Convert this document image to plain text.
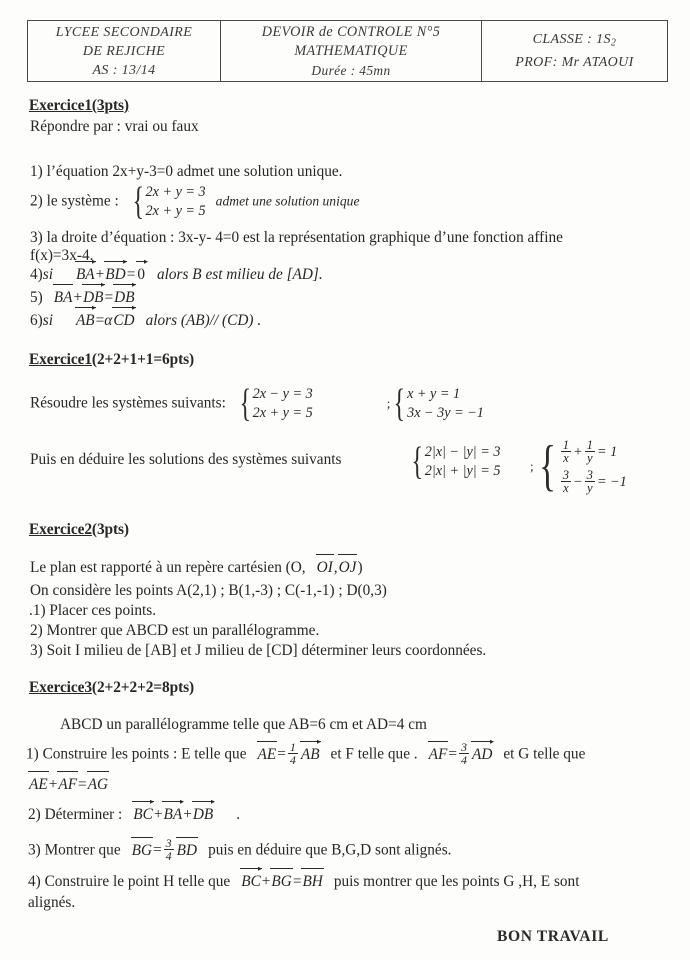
LYCEE SECONDAIRE
DE REJICHE
AS : 13/14
DEVOIR de CONTROLE N°5
MATHEMATIQUE
Durée : 45mn
CLASSE : $1S_2$
PROF: Mr ATAOUI
Exercice1(3pts)
Répondre par : vrai ou faux
1) l’équation 2x+y-3=0 admet une solution unique.
2) le système : { 2x + y = 3
2x + y = 5
admet une solution unique
3) la droite d’équation : 3x-y- 4=0 est la représentation graphique d’une fonction affine
f(x)=3x-4.
4)si BA+BD= 0 alors B est milieu de [AD].
5) BA+DB=DB
6)si AB=αCD alors (AB)// (CD) .
Exercice1(2+2+1+1=6pts)
Résoudre les systèmes suivants: { 2x − y = 3
2x + y = 5
; { x + y = 1
3x − 3y = −1
Puis en déduire les solutions des systèmes suivants { 2|x| − |y| = 3
2|x| + |y| = 5 ; { $\frac{1}{x} + \frac{1}{y} = 1$
$\frac{3}{x} - \frac{3}{y} = -1$
Exercice2(3pts)
Le plan est rapporté à un repère cartésien (O, OI,OJ)
On considère les points A(2,1) ; B(1,-3) ; C(-1,-1) ; D(0,3)
.1) Placer ces points.
2) Montrer que ABCD est un parallélogramme.
3) Soit I milieu de [AB] et J milieu de [CD] déterminer leurs coordonnées.
Exercice3(2+2+2+2=8pts)
ABCD un parallélogramme telle que AB=6 cm et AD=4 cm
1) Construire les points : E telle que $AE= \frac{1}{4}$ AB et F telle que . $AF= \frac{3}{4}$ AD et G telle que
AE+AF=AG
2) Déterminer : BC+BA+DB .
3) Montrer que $BG= \frac{3}{4}$ BD puis en déduire que B,G,D sont alignés.
4) Construire le point H telle que BC+BG=BH puis montrer que les points G ,H, E sont
alignés.
BON TRAVAIL
